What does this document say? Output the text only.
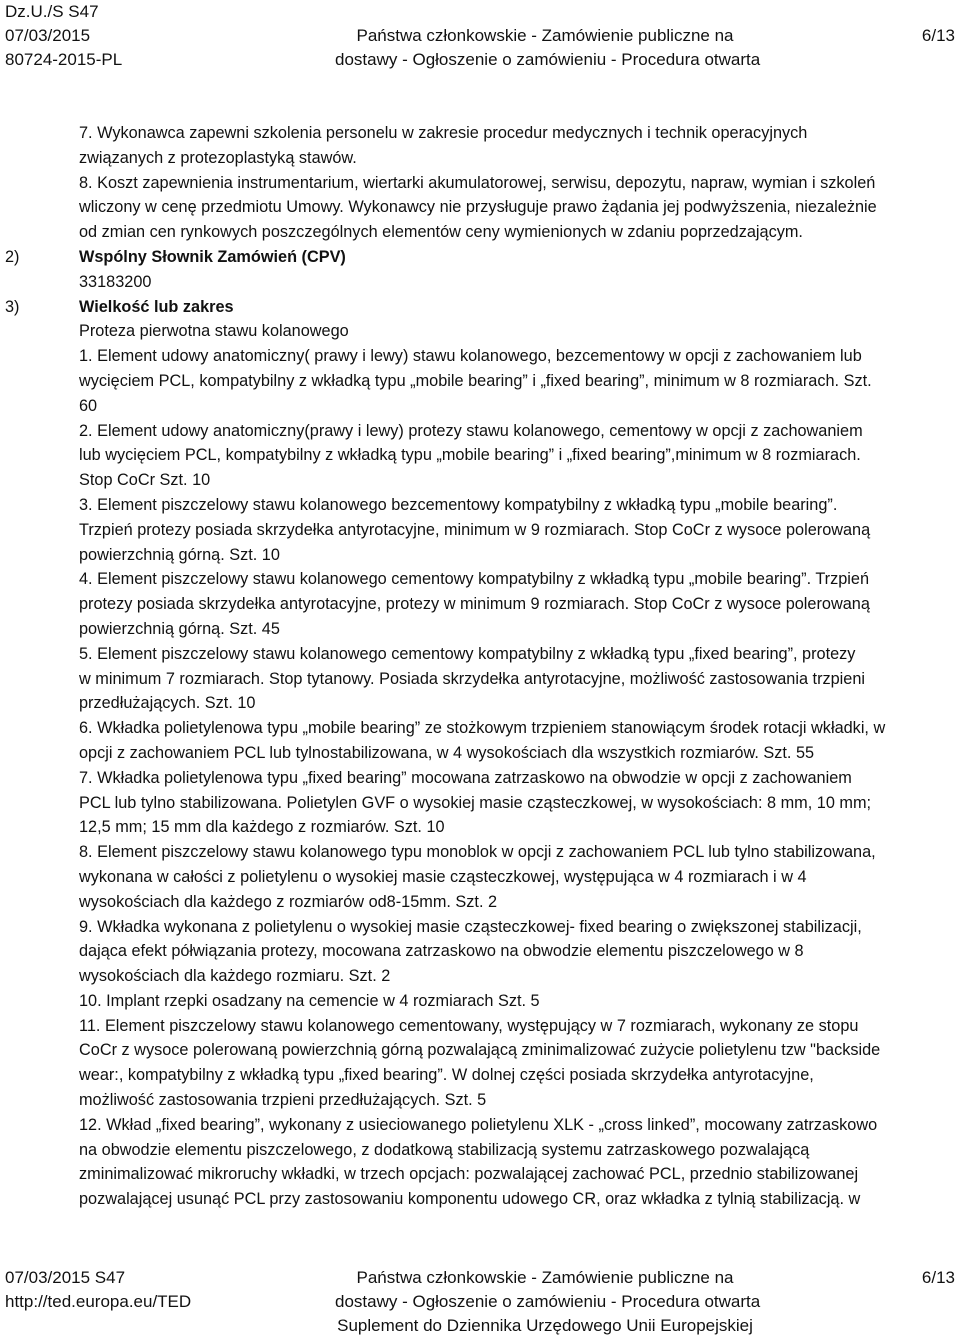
Dz.U./S S47
07/03/2015
80724-2015-PL
Państwa członkowskie - Zamówienie publiczne na
dostawy - Ogłoszenie o zamówieniu - Procedura otwarta
6/13
7. Wykonawca zapewni szkolenia personelu w zakresie procedur medycznych i technik operacyjnych
związanych z protezoplastyką stawów.
8. Koszt zapewnienia instrumentarium, wiertarki akumulatorowej, serwisu, depozytu, napraw, wymian i szkoleń
wliczony w cenę przedmiotu Umowy. Wykonawcy nie przysługuje prawo żądania jej podwyższenia, niezależnie
od zmian cen rynkowych poszczególnych elementów ceny wymienionych w zdaniu poprzedzającym.
2)	Wspólny Słownik Zamówień (CPV)
33183200
3)	Wielkość lub zakres
Proteza pierwotna stawu kolanowego
1. Element udowy anatomiczny( prawy i lewy) stawu kolanowego, bezcementowy w opcji z zachowaniem lub
wycięciem PCL, kompatybilny z wkładką typu „mobile bearing” i „fixed bearing”, minimum w 8 rozmiarach. Szt.
60
2. Element udowy anatomiczny(prawy i lewy) protezy stawu kolanowego, cementowy w opcji z zachowaniem
lub wycięciem PCL, kompatybilny z wkładką typu „mobile bearing” i „fixed bearing”,minimum w 8 rozmiarach.
Stop CoCr Szt. 10
3. Element piszczelowy stawu kolanowego bezcementowy kompatybilny z wkładką typu „mobile bearing”.
Trzpień protezy posiada skrzydełka antyrotacyjne, minimum w 9 rozmiarach. Stop CoCr z wysoce polerowaną
powierzchnią górną. Szt. 10
4. Element piszczelowy stawu kolanowego cementowy kompatybilny z wkładką typu „mobile bearing”. Trzpień
protezy posiada skrzydełka antyrotacyjne, protezy w minimum 9 rozmiarach. Stop CoCr z wysoce polerowaną
powierzchnią górną. Szt. 45
5. Element piszczelowy stawu kolanowego cementowy kompatybilny z wkładką typu „fixed bearing”, protezy
w minimum 7 rozmiarach. Stop tytanowy. Posiada skrzydełka antyrotacyjne, możliwość zastosowania trzpieni
przedłużających. Szt. 10
6. Wkładka polietylenowa typu „mobile bearing” ze stożkowym trzpieniem stanowiącym środek rotacji wkładki, w
opcji z zachowaniem PCL lub tylnostabilizowana, w 4 wysokościach dla wszystkich rozmiarów. Szt. 55
7. Wkładka polietylenowa typu „fixed bearing” mocowana zatrzaskowo na obwodzie w opcji z zachowaniem
PCL lub tylno stabilizowana. Polietylen GVF o wysokiej masie cząsteczkowej, w wysokościach: 8 mm, 10 mm;
12,5 mm; 15 mm dla każdego z rozmiarów. Szt. 10
8. Element piszczelowy stawu kolanowego typu monoblok w opcji z zachowaniem PCL lub tylno stabilizowana,
wykonana w całości z polietylenu o wysokiej masie cząsteczkowej, występująca w 4 rozmiarach i w 4
wysokościach dla każdego z rozmiarów od8-15mm. Szt. 2
9. Wkładka wykonana z polietylenu o wysokiej masie cząsteczkowej- fixed bearing o zwiększonej stabilizacji,
dająca efekt półwiązania protezy, mocowana zatrzaskowo na obwodzie elementu piszczelowego w 8
wysokościach dla każdego rozmiaru. Szt. 2
10. Implant rzepki osadzany na cemencie w 4 rozmiarach Szt. 5
11. Element piszczelowy stawu kolanowego cementowany, występujący w 7 rozmiarach, wykonany ze stopu
CoCr z wysoce polerowaną powierzchnią górną pozwalającą zminimalizować zużycie polietylenu tzw "backside
wear:, kompatybilny z wkładką typu „fixed bearing”. W dolnej części posiada skrzydełka antyrotacyjne,
możliwość zastosowania trzpieni przedłużających. Szt. 5
12. Wkład „fixed bearing”, wykonany z usieciowanego polietylenu XLK - „cross linked”, mocowany zatrzaskowo
na obwodzie elementu piszczelowego, z dodatkową stabilizacją systemu zatrzaskowego pozwalającą
zminimalizować mikroruchy wkładki, w trzech opcjach: pozwalającej zachować PCL, przednio stabilizowanej
pozwalającej usunąć PCL przy zastosowaniu komponentu udowego CR, oraz wkładka z tylnią stabilizacją. w
07/03/2015 S47
http://ted.europa.eu/TED
Państwa członkowskie - Zamówienie publiczne na
dostawy - Ogłoszenie o zamówieniu - Procedura otwarta
Suplement do Dziennika Urzędowego Unii Europejskiej
6/13
